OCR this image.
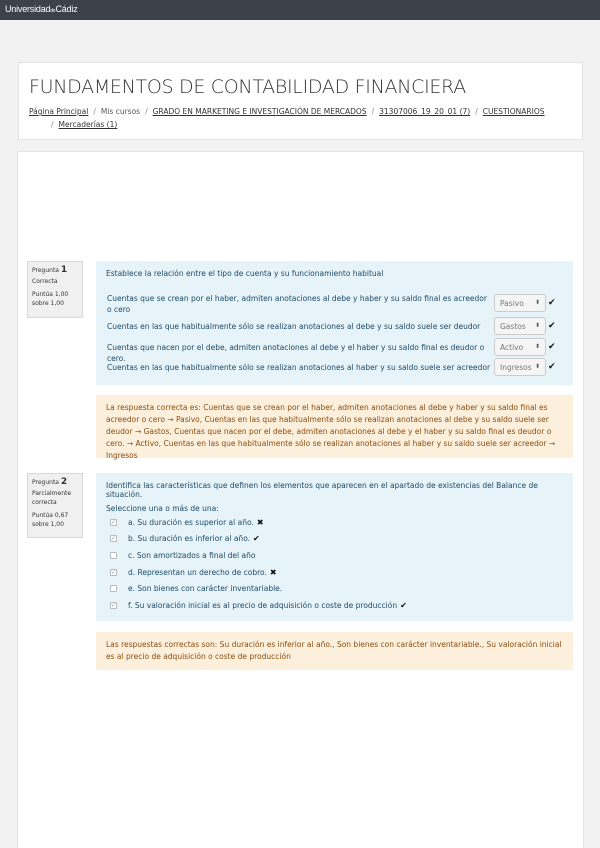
UniversidaddeCádiz
FUNDAMENTOS DE CONTABILIDAD FINANCIERA
Página Principal / Mis cursos / GRADO EN MARKETING E INVESTIGACIÓN DE MERCADOS / 31307006_19_20_01 (7) / CUESTIONARIOS
/ Mercaderías (1)
Pregunta 1
Correcta
Puntúa 1,00 sobre 1,00
Establece la relación entre el tipo de cuenta y su funcionamiento habitual
Cuentas que se crean por el haber, admiten anotaciones al debe y haber y su saldo final es acreedor o cero
Pasivo ⬍ ✔
Cuentas en las que habitualmente sólo se realizan anotaciones al debe y su saldo suele ser deudor	Gastos ⬍ ✔
Cuentas que nacen por el debe, admiten anotaciones al debe y el haber y su saldo final es deudor o cero.
Activo ⬍ ✔
Cuentas en las que habitualmente sólo se realizan anotaciones al haber y su saldo suele ser acreedor	Ingresos ⬍ ✔
La respuesta correcta es: Cuentas que se crean por el haber, admiten anotaciones al debe y haber y su saldo final es acreedor o cero → Pasivo, Cuentas en las que habitualmente sólo se realizan anotaciones al debe y su saldo suele ser deudor → Gastos, Cuentas que nacen por el debe, admiten anotaciones al debe y el haber y su saldo final es deudor o cero. → Activo, Cuentas en las que habitualmente sólo se realizan anotaciones al haber y su saldo suele ser acreedor → Ingresos
Pregunta 2
Parcialmente correcta
Puntúa 0,67 sobre 1,00
Identifica las características que definen los elementos que aparecen en el apartado de existencias del Balance de situación.
Seleccione una o más de una:
✓ a. Su duración es superior al año. ✖
✓ b. Su duración es inferior al año. ✔
c. Son amortizados a final del año
✓ d. Representan un derecho de cobro. ✖
e. Son bienes con carácter inventariable.
✓ f. Su valoración inicial es al precio de adquisición o coste de producción ✔
Las respuestas correctas son: Su duración es inferior al año., Son bienes con carácter inventariable., Su valoración inicial es al precio de adquisición o coste de producción
